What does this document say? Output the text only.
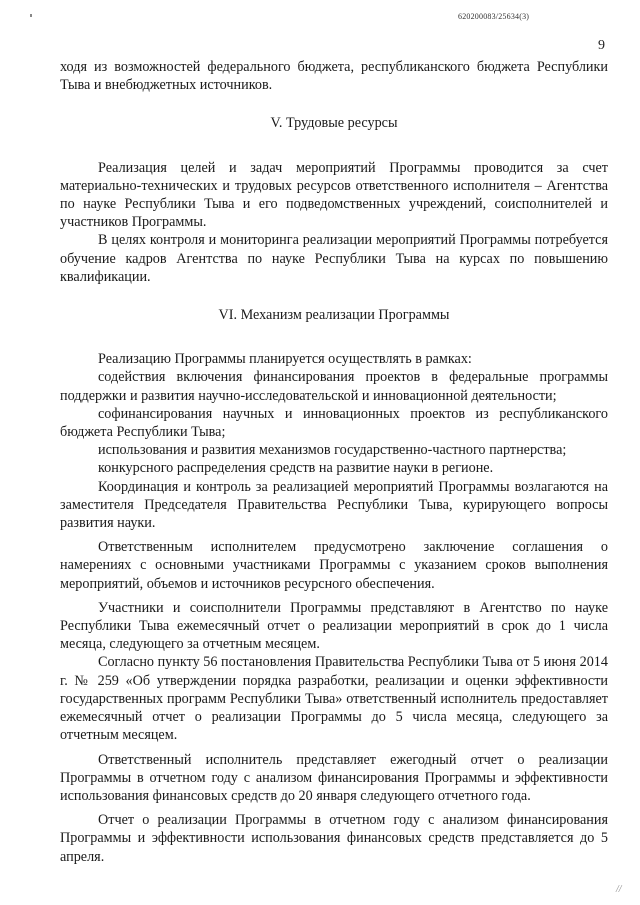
620200083/25634(3)
9

ходя из возможностей федерального бюджета, республиканского бюджета Республики Тыва и внебюджетных источников.

V. Трудовые ресурсы

Реализация целей и задач мероприятий Программы проводится за счет материально-технических и трудовых ресурсов ответственного исполнителя – Агентства по науке Республики Тыва и его подведомственных учреждений, соисполнителей и участников Программы.

В целях контроля и мониторинга реализации мероприятий Программы потребуется обучение кадров Агентства по науке Республики Тыва на курсах по повышению квалификации.

VI. Механизм реализации Программы

Реализацию Программы планируется осуществлять в рамках:

содействия включения финансирования проектов в федеральные программы поддержки и развития научно-исследовательской и инновационной деятельности;

софинансирования научных и инновационных проектов из республиканского бюджета Республики Тыва;

использования и развития механизмов государственно-частного партнерства;

конкурсного распределения средств на развитие науки в регионе.

Координация и контроль за реализацией мероприятий Программы возлагаются на заместителя Председателя Правительства Республики Тыва, курирующего вопросы развития науки.

Ответственным исполнителем предусмотрено заключение соглашения о намерениях с основными участниками Программы с указанием сроков выполнения мероприятий, объемов и источников ресурсного обеспечения.

Участники и соисполнители Программы представляют в Агентство по науке Республики Тыва ежемесячный отчет о реализации мероприятий в срок до 1 числа месяца, следующего за отчетным месяцем.

Согласно пункту 56 постановления Правительства Республики Тыва от 5 июня 2014 г. № 259 «Об утверждении порядка разработки, реализации и оценки эффективности государственных программ Республики Тыва» ответственный исполнитель предоставляет ежемесячный отчет о реализации Программы до 5 числа месяца, следующего за отчетным месяцем.

Ответственный исполнитель представляет ежегодный отчет о реализации Программы в отчетном году с анализом финансирования Программы и эффективности использования финансовых средств до 20 января следующего отчетного года.

Отчет о реализации Программы в отчетном году с анализом финансирования Программы и эффективности использования финансовых средств представляется до 5 апреля.

//
